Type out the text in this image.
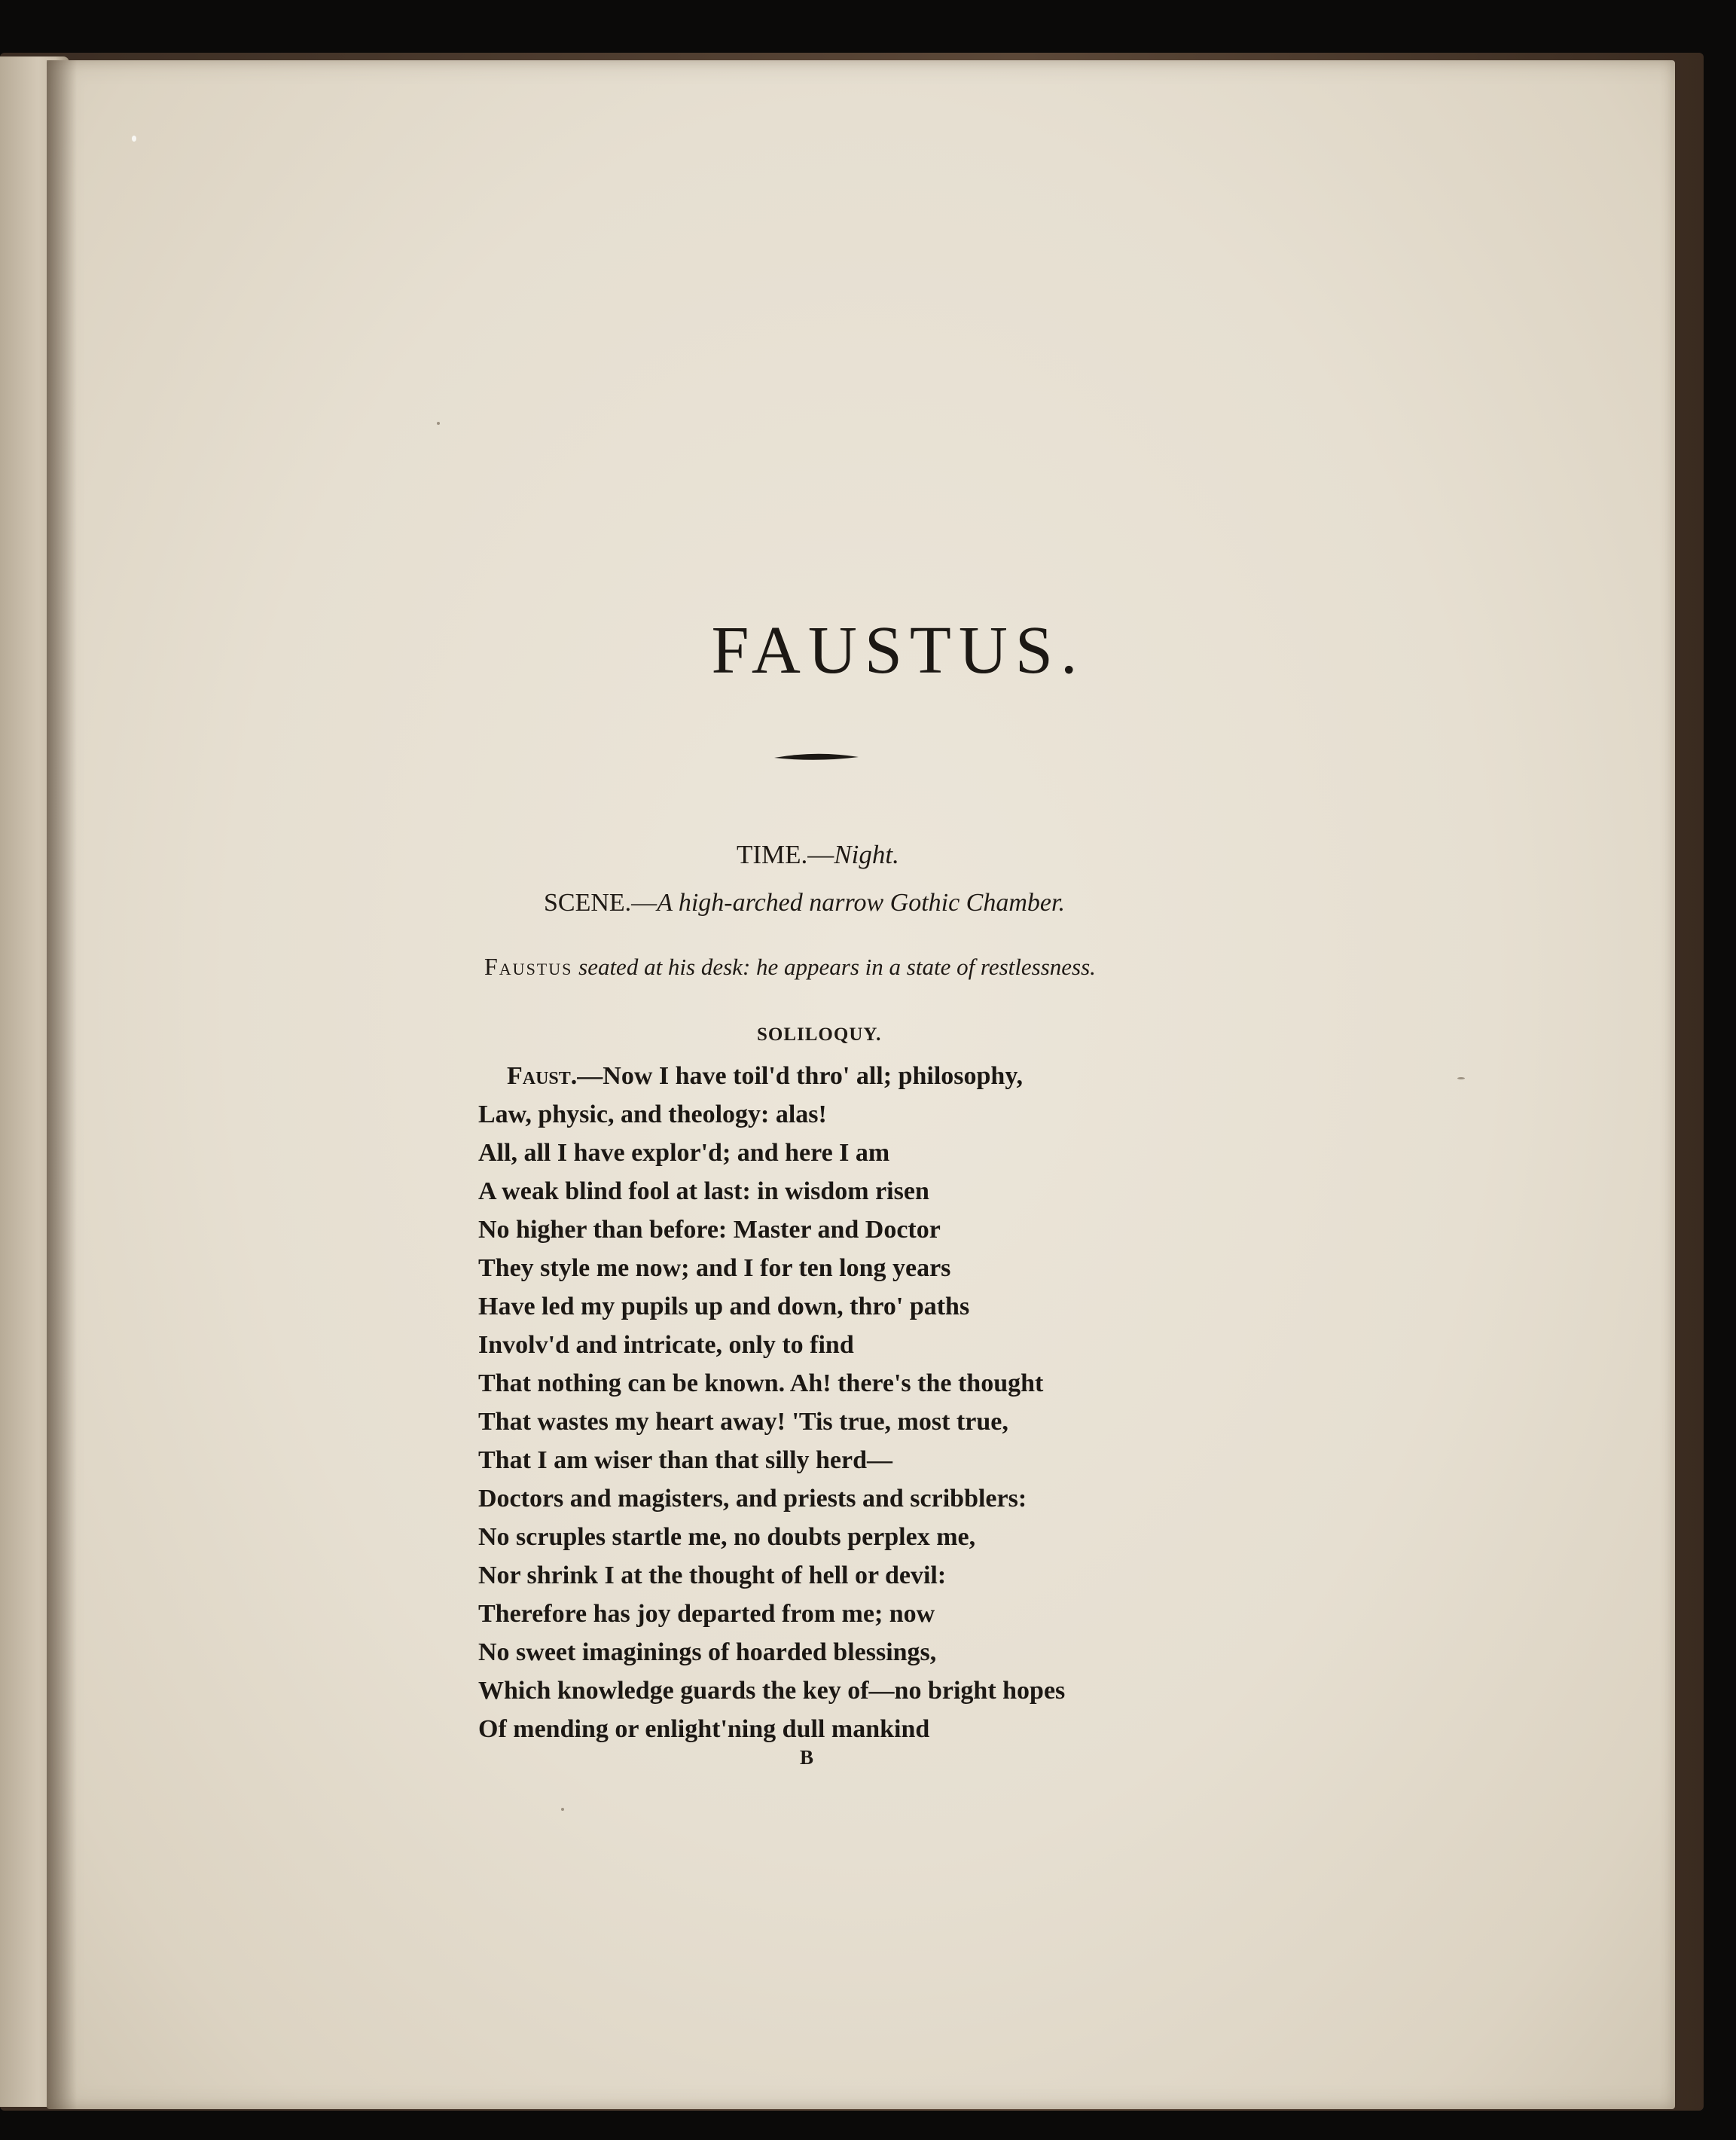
FAUSTUS.
TIME.—Night.
SCENE.—A high-arched narrow Gothic Chamber.
Faustus seated at his desk: he appears in a state of restlessness.
SOLILOQUY.
Faust.—Now I have toil'd thro' all; philosophy,
Law, physic, and theology: alas!
All, all I have explor'd; and here I am
A weak blind fool at last: in wisdom risen
No higher than before: Master and Doctor
They style me now; and I for ten long years
Have led my pupils up and down, thro' paths
Involv'd and intricate, only to find
That nothing can be known. Ah! there's the thought
That wastes my heart away! 'Tis true, most true,
That I am wiser than that silly herd—
Doctors and magisters, and priests and scribblers:
No scruples startle me, no doubts perplex me,
Nor shrink I at the thought of hell or devil:
Therefore has joy departed from me; now
No sweet imaginings of hoarded blessings,
Which knowledge guards the key of—no bright hopes
Of mending or enlight'ning dull mankind
B
